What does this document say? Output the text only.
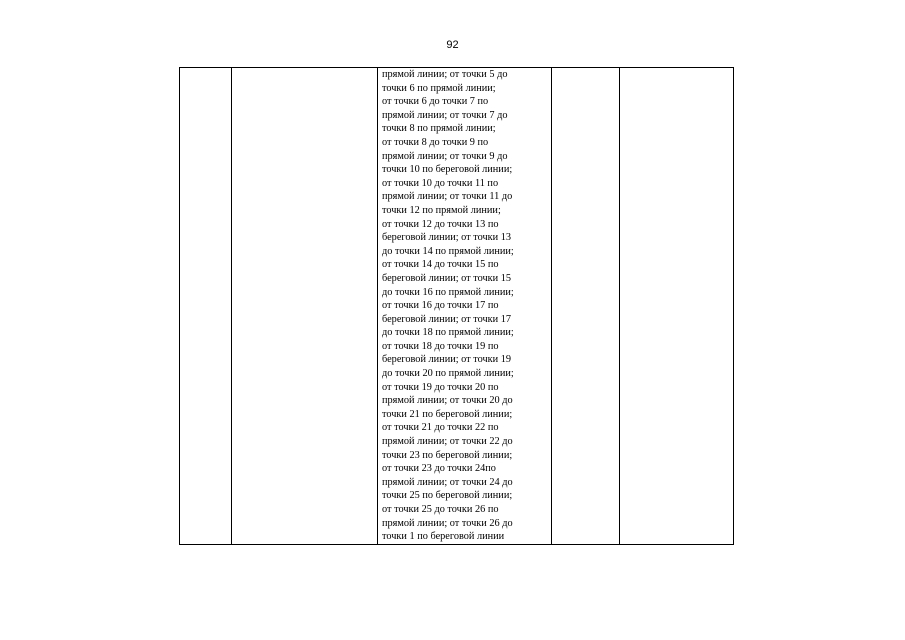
92

прямой линии; от точки 5 до
точки 6 по прямой линии;
от точки 6 до точки 7 по
прямой линии; от точки 7 до
точки 8 по прямой линии;
от точки 8 до точки 9 по
прямой линии; от точки 9 до
точки 10 по береговой линии;
от точки 10 до точки 11 по
прямой линии; от точки 11 до
точки 12 по прямой линии;
от точки 12 до точки 13 по
береговой линии; от точки 13
до точки 14 по прямой линии;
от точки 14 до точки 15 по
береговой линии; от точки 15
до точки 16 по прямой линии;
от точки 16 до точки 17 по
береговой линии; от точки 17
до точки 18 по прямой линии;
от точки 18 до точки 19 по
береговой линии; от точки 19
до точки 20 по прямой линии;
от точки 19 до точки 20 по
прямой линии; от точки 20 до
точки 21 по береговой линии;
от точки 21 до точки 22 по
прямой линии; от точки 22 до
точки 23 по береговой линии;
от точки 23 до точки 24по
прямой линии; от точки 24 до
точки 25 по береговой линии;
от точки 25 до точки 26 по
прямой линии; от точки 26 до
точки 1 по береговой линии
